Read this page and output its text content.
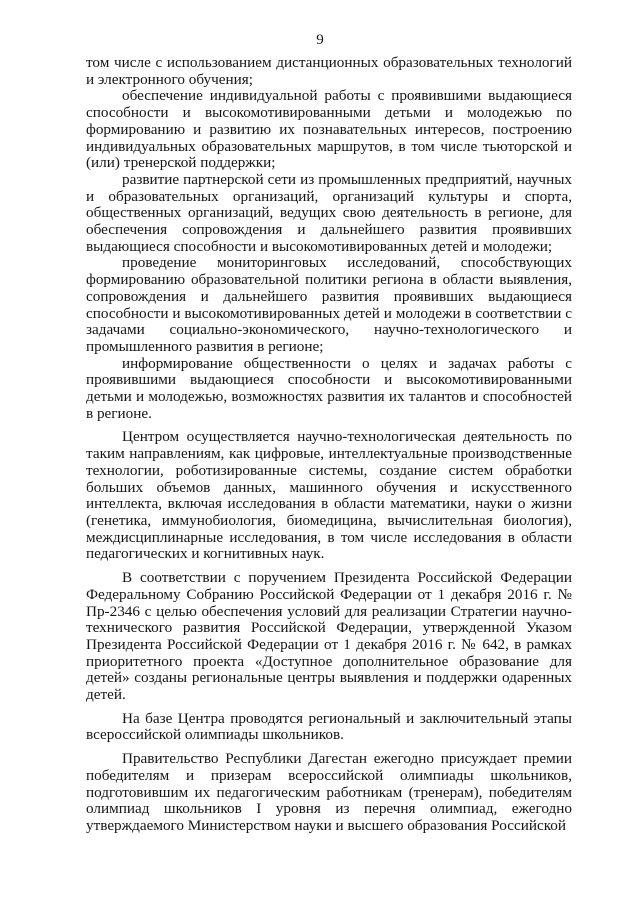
9

том числе с использованием дистанционных образовательных технологий и электронного обучения;

обеспечение индивидуальной работы с проявившими выдающиеся способности и высокомотивированными детьми и молодежью по формированию и развитию их познавательных интересов, построению индивидуальных образовательных маршрутов, в том числе тьюторской и (или) тренерской поддержки;

развитие партнерской сети из промышленных предприятий, научных и образовательных организаций, организаций культуры и спорта, общественных организаций, ведущих свою деятельность в регионе, для обеспечения сопровождения и дальнейшего развития проявивших выдающиеся способности и высокомотивированных детей и молодежи;

проведение мониторинговых исследований, способствующих формированию образовательной политики региона в области выявления, сопровождения и дальнейшего развития проявивших выдающиеся способности и высокомотивированных детей и молодежи в соответствии с задачами социально-экономического, научно-технологического и промышленного развития в регионе;

информирование общественности о целях и задачах работы с проявившими выдающиеся способности и высокомотивированными детьми и молодежью, возможностях развития их талантов и способностей в регионе.

Центром осуществляется научно-технологическая деятельность по таким направлениям, как цифровые, интеллектуальные производственные технологии, роботизированные системы, создание систем обработки больших объемов данных, машинного обучения и искусственного интеллекта, включая исследования в области математики, науки о жизни (генетика, иммунобиология, биомедицина, вычислительная биология), междисциплинарные исследования, в том числе исследования в области педагогических и когнитивных наук.

В соответствии с поручением Президента Российской Федерации Федеральному Собранию Российской Федерации от 1 декабря 2016 г. № Пр-2346 с целью обеспечения условий для реализации Стратегии научно-технического развития Российской Федерации, утвержденной Указом Президента Российской Федерации от 1 декабря 2016 г. № 642, в рамках приоритетного проекта «Доступное дополнительное образование для детей» созданы региональные центры выявления и поддержки одаренных детей.

На базе Центра проводятся региональный и заключительный этапы всероссийской олимпиады школьников.

Правительство Республики Дагестан ежегодно присуждает премии победителям и призерам всероссийской олимпиады школьников, подготовившим их педагогическим работникам (тренерам), победителям олимпиад школьников I уровня из перечня олимпиад, ежегодно утверждаемого Министерством науки и высшего образования Российской
